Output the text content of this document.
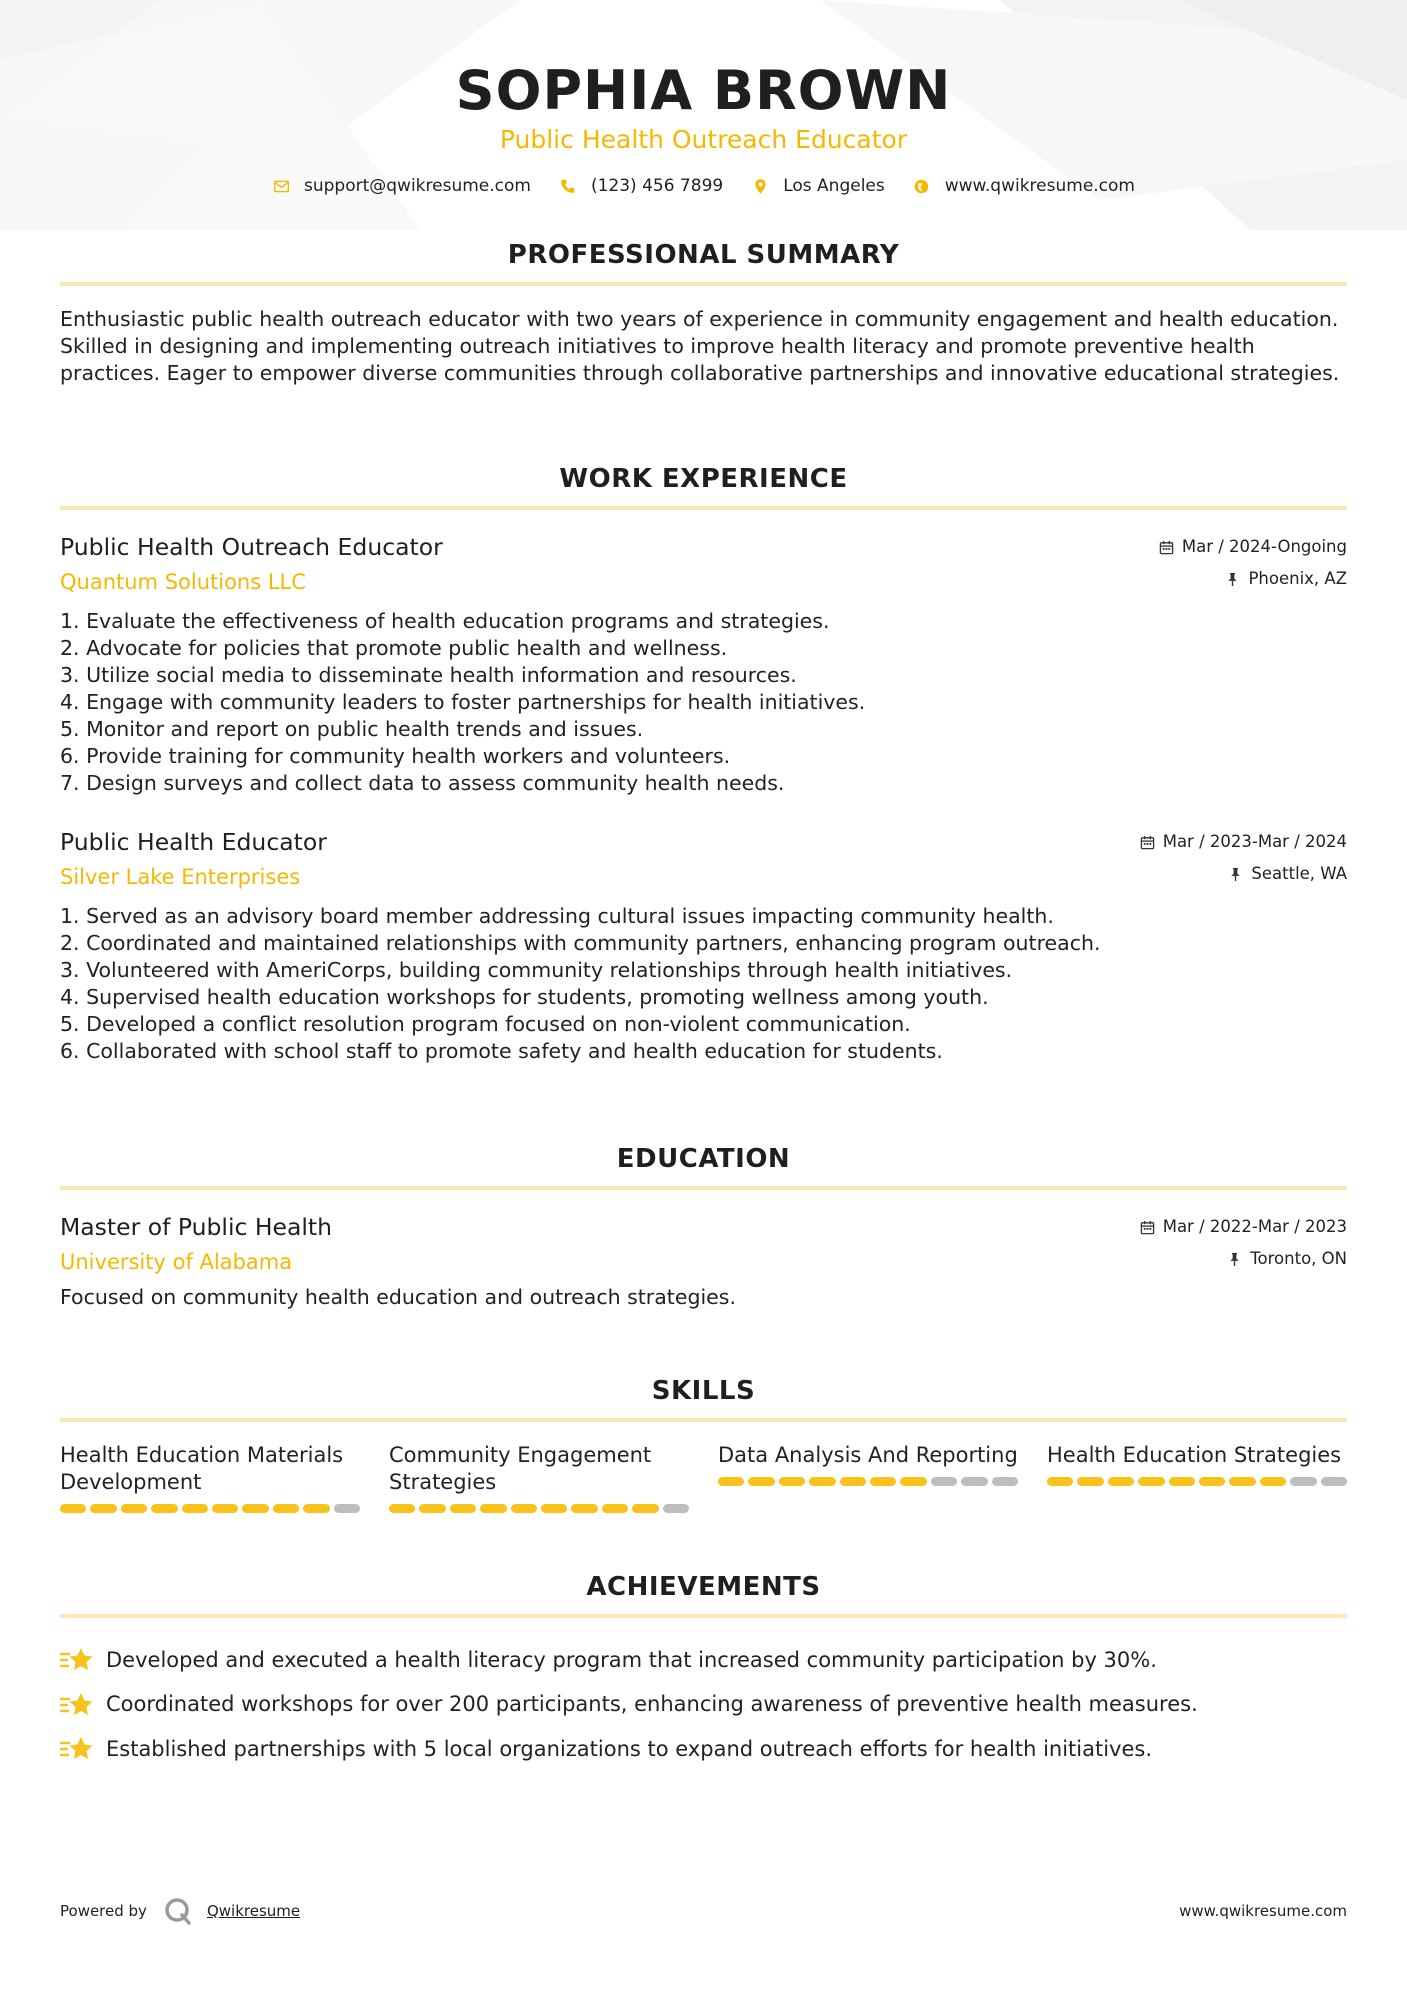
SOPHIA BROWN
Public Health Outreach Educator
support@qwikresume.com	(123) 456 7899	Los Angeles	www.qwikresume.com
PROFESSIONAL SUMMARY

Enthusiastic public health outreach educator with two years of experience in community engagement and health education. Skilled in designing and implementing outreach initiatives to improve health literacy and promote preventive health practices. Eager to empower diverse communities through collaborative partnerships and innovative educational strategies.

WORK EXPERIENCE
Public Health Outreach Educator
Quantum Solutions LLC
Mar / 2024-Ongoing
Phoenix, AZ
1. Evaluate the effectiveness of health education programs and strategies.
2. Advocate for policies that promote public health and wellness.
3. Utilize social media to disseminate health information and resources.
4. Engage with community leaders to foster partnerships for health initiatives.
5. Monitor and report on public health trends and issues.
6. Provide training for community health workers and volunteers.
7. Design surveys and collect data to assess community health needs.
Public Health Educator
Silver Lake Enterprises
Mar / 2023-Mar / 2024
Seattle, WA
1. Served as an advisory board member addressing cultural issues impacting community health.
2. Coordinated and maintained relationships with community partners, enhancing program outreach.
3. Volunteered with AmeriCorps, building community relationships through health initiatives.
4. Supervised health education workshops for students, promoting wellness among youth.
5. Developed a conflict resolution program focused on non-violent communication.
6. Collaborated with school staff to promote safety and health education for students.
EDUCATION
Master of Public Health
University of Alabama
Mar / 2022-Mar / 2023
Toronto, ON
Focused on community health education and outreach strategies.
SKILLS
Health Education Materials Development
Community Engagement Strategies
Data Analysis And Reporting Health Education Strategies
ACHIEVEMENTS
Developed and executed a health literacy program that increased community participation by 30%.
Coordinated workshops for over 200 participants, enhancing awareness of preventive health measures.
Established partnerships with 5 local organizations to expand outreach efforts for health initiatives.
Powered by	Qwikresume	www.qwikresume.com
